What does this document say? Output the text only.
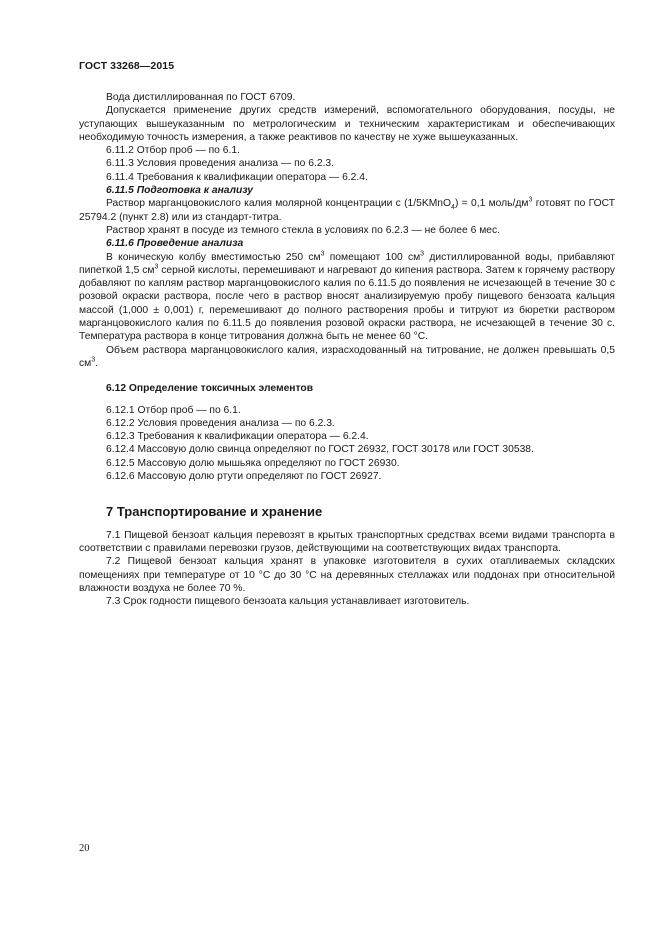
ГОСТ 33268—2015

Вода дистиллированная по ГОСТ 6709.

Допускается применение других средств измерений, вспомогательного оборудования, посуды, не уступающих вышеуказанным по метрологическим и техническим характеристикам и обеспечивающих необходимую точность измерения, а также реактивов по качеству не хуже вышеуказанных.

6.11.2 Отбор проб — по 6.1.

6.11.3 Условия проведения анализа — по 6.2.3.

6.11.4 Требования к квалификации оператора — 6.2.4.

6.11.5 Подготовка к анализу

Раствор марганцовокислого калия молярной концентрации c (1/5KMnO$_4$) = 0,1 моль/$дм^3$ готовят по ГОСТ 25794.2 (пункт 2.8) или из стандарт-титра.

Раствор хранят в посуде из темного стекла в условиях по 6.2.3 — не более 6 мес.

6.11.6 Проведение анализа

В коническую колбу вместимостью 250 $см^3$ помещают 100 $см^3$ дистиллированной воды, прибавляют пипеткой 1,5 $см^3$ серной кислоты, перемешивают и нагревают до кипения раствора. Затем к горячему раствору добавляют по каплям раствор марганцовокислого калия по 6.11.5 до появления не исчезающей в течение 30 с розовой окраски раствора, после чего в раствор вносят анализируемую пробу пищевого бензоата кальция массой (1,000 ± 0,001) г, перемешивают до полного растворения пробы и титруют из бюретки раствором марганцовокислого калия по 6.11.5 до появления розовой окраски раствора, не исчезающей в течение 30 с. Температура раствора в конце титрования должна быть не менее 60 °С.

Объем раствора марганцовокислого калия, израсходованный на титрование, не должен превышать 0,5 $см^3$.

6.12 Определение токсичных элементов

6.12.1 Отбор проб — по 6.1.

6.12.2 Условия проведения анализа — по 6.2.3.

6.12.3 Требования к квалификации оператора — 6.2.4.

6.12.4 Массовую долю свинца определяют по ГОСТ 26932, ГОСТ 30178 или ГОСТ 30538.

6.12.5 Массовую долю мышьяка определяют по ГОСТ 26930.

6.12.6 Массовую долю ртути определяют по ГОСТ 26927.

7 Транспортирование и хранение

7.1 Пищевой бензоат кальция перевозят в крытых транспортных средствах всеми видами транспорта в соответствии с правилами перевозки грузов, действующими на соответствующих видах транспорта.

7.2 Пищевой бензоат кальция хранят в упаковке изготовителя в сухих отапливаемых складских помещениях при температуре от 10 °С до 30 °С на деревянных стеллажах или поддонах при относительной влажности воздуха не более 70 %.

7.3 Срок годности пищевого бензоата кальция устанавливает изготовитель.

20
